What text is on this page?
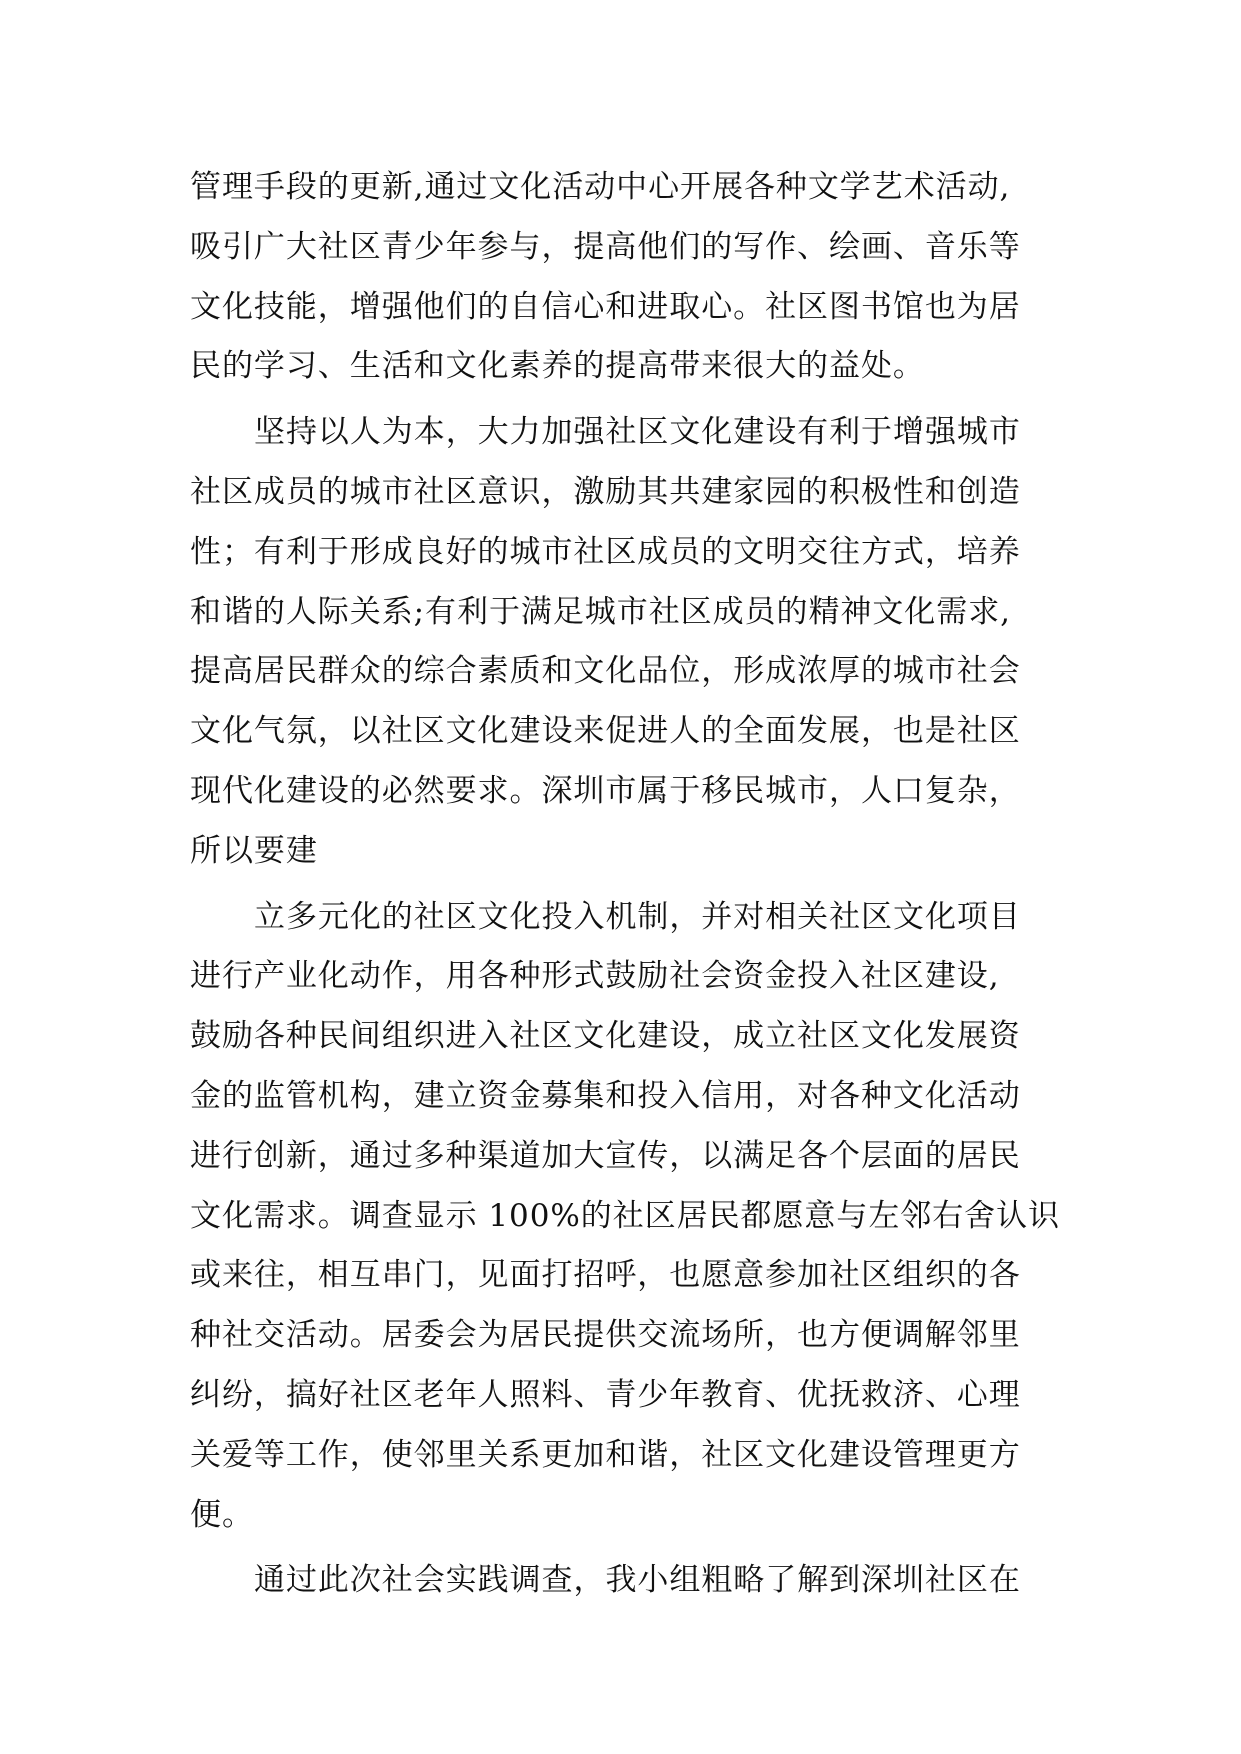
管理手段的更新,通过文化活动中心开展各种文学艺术活动,
吸引广大社区青少年参与，提高他们的写作、绘画、音乐等
文化技能，增强他们的自信心和进取心。社区图书馆也为居
民的学习、生活和文化素养的提高带来很大的益处。
坚持以人为本，大力加强社区文化建设有利于增强城市
社区成员的城市社区意识，激励其共建家园的积极性和创造
性；有利于形成良好的城市社区成员的文明交往方式，培养
和谐的人际关系;有利于满足城市社区成员的精神文化需求,
提高居民群众的综合素质和文化品位，形成浓厚的城市社会
文化气氛，以社区文化建设来促进人的全面发展，也是社区
现代化建设的必然要求。深圳市属于移民城市，人口复杂，
所以要建
立多元化的社区文化投入机制，并对相关社区文化项目
进行产业化动作，用各种形式鼓励社会资金投入社区建设,
鼓励各种民间组织进入社区文化建设，成立社区文化发展资
金的监管机构，建立资金募集和投入信用，对各种文化活动
进行创新，通过多种渠道加大宣传，以满足各个层面的居民
文化需求。调查显示 100%的社区居民都愿意与左邻右舍认识
或来往，相互串门，见面打招呼，也愿意参加社区组织的各
种社交活动。居委会为居民提供交流场所，也方便调解邻里
纠纷，搞好社区老年人照料、青少年教育、优抚救济、心理
关爱等工作，使邻里关系更加和谐，社区文化建设管理更方
便。
通过此次社会实践调查，我小组粗略了解到深圳社区在
